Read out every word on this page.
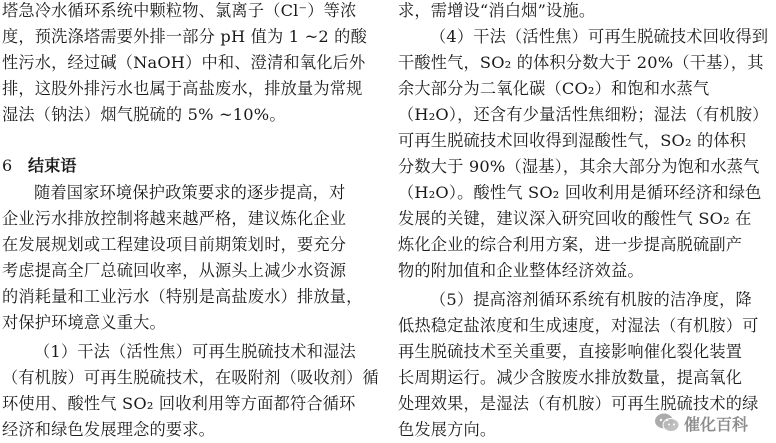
塔急冷水循环系统中颗粒物、氯离子（Cl⁻）等浓
度，预洗涤塔需要外排一部分 pH 值为 1 ~2 的酸
性污水，经过碱（NaOH）中和、澄清和氧化后外
排，这股外排污水也属于高盐废水，排放量为常规
湿法（钠法）烟气脱硫的 5% ~10%。
6 结束语
随着国家环境保护政策要求的逐步提高，对
企业污水排放控制将越来越严格，建议炼化企业
在发展规划或工程建设项目前期策划时，要充分
考虑提高全厂总硫回收率，从源头上减少水资源
的消耗量和工业污水（特别是高盐废水）排放量，
对保护环境意义重大。
（1）干法（活性焦）可再生脱硫技术和湿法
（有机胺）可再生脱硫技术，在吸附剂（吸收剂）循
环使用、酸性气 SO₂ 回收利用等方面都符合循环
经济和绿色发展理念的要求。
求，需增设“消白烟”设施。
（4）干法（活性焦）可再生脱硫技术回收得到
干酸性气，SO₂ 的体积分数大于 20%（干基），其
余大部分为二氧化碳（CO₂）和饱和水蒸气
（H₂O），还含有少量活性焦细粉；湿法（有机胺）
可再生脱硫技术回收得到湿酸性气，SO₂ 的体积
分数大于 90%（湿基），其余大部分为饱和水蒸气
（H₂O）。酸性气 SO₂ 回收利用是循环经济和绿色
发展的关键，建议深入研究回收的酸性气 SO₂ 在
炼化企业的综合利用方案，进一步提高脱硫副产
物的附加值和企业整体经济效益。
（5）提高溶剂循环系统有机胺的洁净度，降
低热稳定盐浓度和生成速度，对湿法（有机胺）可
再生脱硫技术至关重要，直接影响催化裂化装置
长周期运行。减少含胺废水排放数量，提高氧化
处理效果，是湿法（有机胺）可再生脱硫技术的绿
色发展方向。	催化百科
